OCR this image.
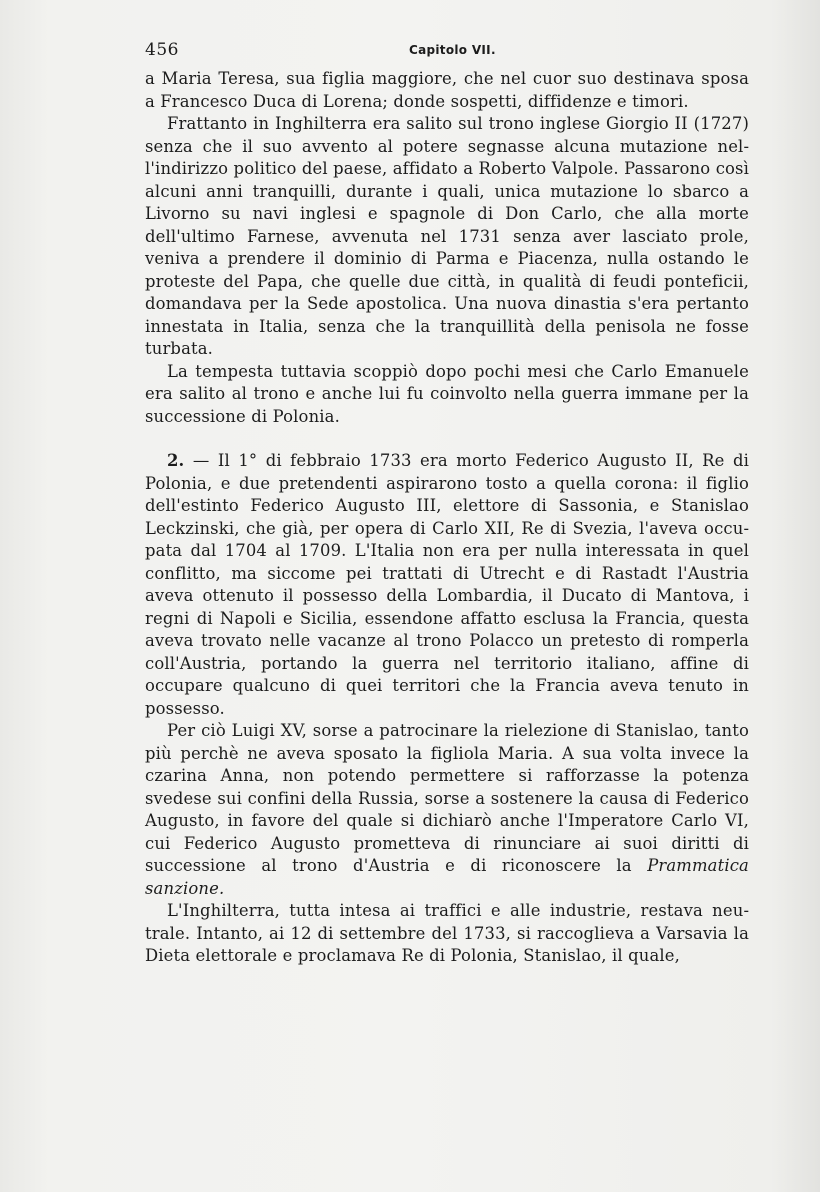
456	Capitolo VII.

a Maria Teresa, sua figlia maggiore, che nel cuor suo destinava sposa a Francesco Duca di Lorena; donde sospetti, diffidenze e timori.

Frattanto in Inghilterra era salito sul trono inglese Giorgio II (1727) senza che il suo avvento al potere segnasse alcuna mutazione nell'indirizzo politico del paese, affidato a Roberto Valpole. Passarono così alcuni anni tranquilli, durante i quali, unica mutazione lo sbarco a Livorno su navi inglesi e spagnole di Don Carlo, che alla morte dell'ultimo Farnese, avvenuta nel 1731 senza aver lasciato prole, veniva a prendere il dominio di Parma e Piacenza, nulla ostando le proteste del Papa, che quelle due città, in qualità di feudi ponteficii, domandava per la Sede apostolica. Una nuova dinastia s'era pertanto innestata in Italia, senza che la tranquillità della penisola ne fosse turbata.

La tempesta tuttavia scoppiò dopo pochi mesi che Carlo Emanuele era salito al trono e anche lui fu coinvolto nella guerra immane per la successione di Polonia.

2. — Il 1° di febbraio 1733 era morto Federico Augusto II, Re di Polonia, e due pretendenti aspirarono tosto a quella corona: il figlio dell'estinto Federico Augusto III, elettore di Sassonia, e Stanislao Leckzinski, che già, per opera di Carlo XII, Re di Svezia, l'aveva occupata dal 1704 al 1709. L'Italia non era per nulla interessata in quel conflitto, ma siccome pei trattati di Utrecht e di Rastadt l'Austria aveva ottenuto il possesso della Lombardia, il Ducato di Mantova, i regni di Napoli e Sicilia, essendone affatto esclusa la Francia, questa aveva trovato nelle vacanze al trono Polacco un pretesto di romperla coll'Austria, portando la guerra nel territorio italiano, affine di occupare qualcuno di quei territori che la Francia aveva tenuto in possesso.

Per ciò Luigi XV, sorse a patrocinare la rielezione di Stanislao, tanto più perchè ne aveva sposato la figliola Maria. A sua volta invece la czarina Anna, non potendo permettere si rafforzasse la potenza svedese sui confini della Russia, sorse a sostenere la causa di Federico Augusto, in favore del quale si dichiarò anche l'Imperatore Carlo VI, cui Federico Augusto prometteva di rinunciare ai suoi diritti di successione al trono d'Austria e di riconoscere la Prammatica sanzione.

L'Inghilterra, tutta intesa ai traffici e alle industrie, restava neutrale. Intanto, ai 12 di settembre del 1733, si raccoglieva a Varsavia la Dieta elettorale e proclamava Re di Polonia, Stanislao, il quale,
